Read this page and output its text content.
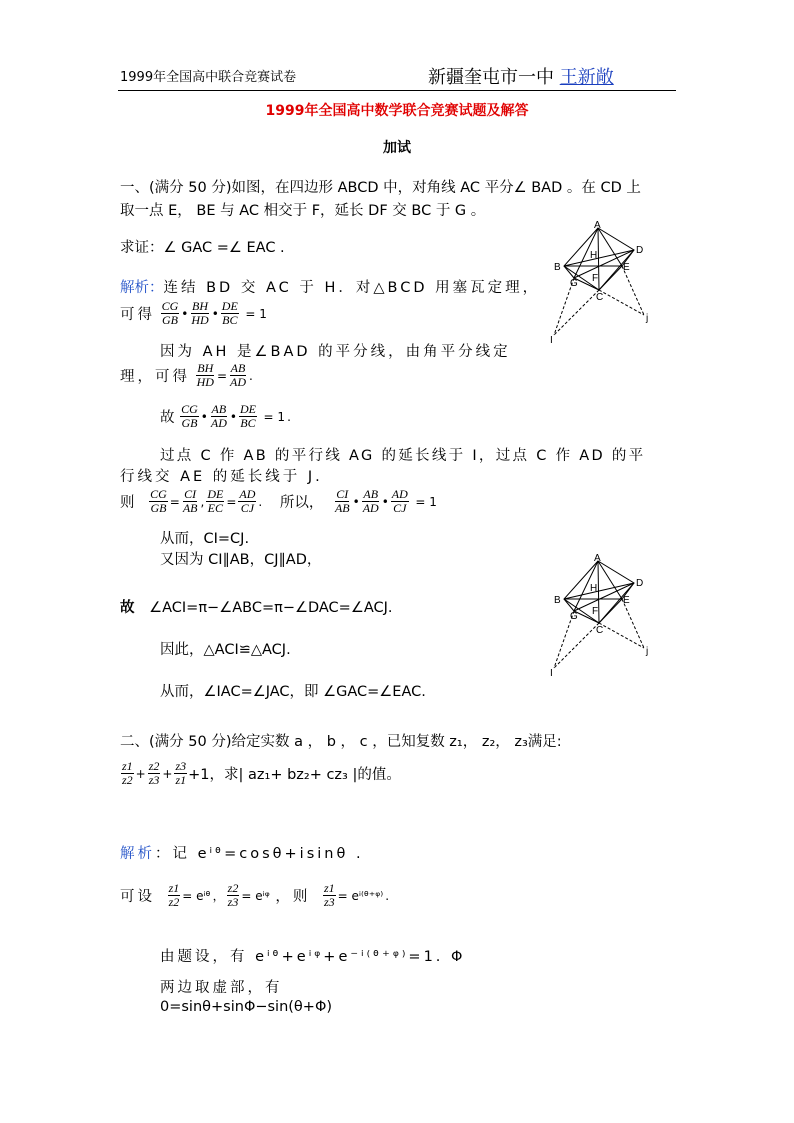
1999年全国高中联合竞赛试卷	新疆奎屯市一中 王新敞
1999年全国高中数学联合竞赛试题及解答
加试
一、(满分 50 分)如图，在四边形 ABCD 中，对角线 AC 平分∠ BAD 。在 CD 上
取一点 E， BE 与 AC 相交于 F，延长 DF 交 BC 于 G 。
求证：∠ GAC =∠ EAC .
解析：连结 BD 交 AC 于 H．对△BCD 用塞瓦定理，
可得 $\frac{CG}{GB}$ • $\frac{BH}{HD}$ • $\frac{DE}{BC} = 1$
因为 AH 是∠BAD 的平分线，由角平分线定
理，可得 $\frac{BH}{HD} = \frac{AB}{AD}$ .
故 $\frac{CG}{GB}$ • $\frac{AB}{AD}$ • $\frac{DE}{BC} = 1$ .
过点 C 作 AB 的平行线 AG 的延长线于 I，过点 C 作 AD 的平
行线交 AE 的延长线于 J.
则 $\frac{CG}{GB} = \frac{CI}{AB}$ , $\frac{DE}{EC} = \frac{AD}{CJ}$ . 所以， $\frac{CI}{AB}$ • $\frac{AB}{AD}$ • $\frac{AD}{CJ} = 1$
从而，CI=CJ.
又因为 CI∥AB，CJ∥AD，
故 ∠ACI=π−∠ABC=π−∠DAC=∠ACJ.
因此，△ACI≌△ACJ.
从而，∠IAC=∠JAC，即 ∠GAC=∠EAC.
A
B
C
D
E
F
G
H
I
j
A
B
C
D
E
F
G
H
I
j
二、(满分 50 分)给定实数 a ， b ， c ，已知复数 z₁， z₂， z₃满足:
$\frac{z1}{z2} + \frac{z2}{z3} + \frac{z3}{z1} +1$，求| az₁+ bz₂+ cz₃ |的值。
解析：记 eⁱᶿ=cosθ+isinθ .
可设 $\frac{z1}{z2}$ = eⁱᶿ ， $\frac{z2}{z3}$ = eⁱᵠ ，则 $\frac{z1}{z3}$ = eⁱ⁽ᶿ⁺ᵠ⁾ .
由题设，有 eⁱᶿ+eⁱᵠ+e⁻ⁱ⁽ᶿ⁺ᵠ⁾=1. Φ
两边取虚部，有
0=sinθ+sinΦ−sin(θ+Φ)
